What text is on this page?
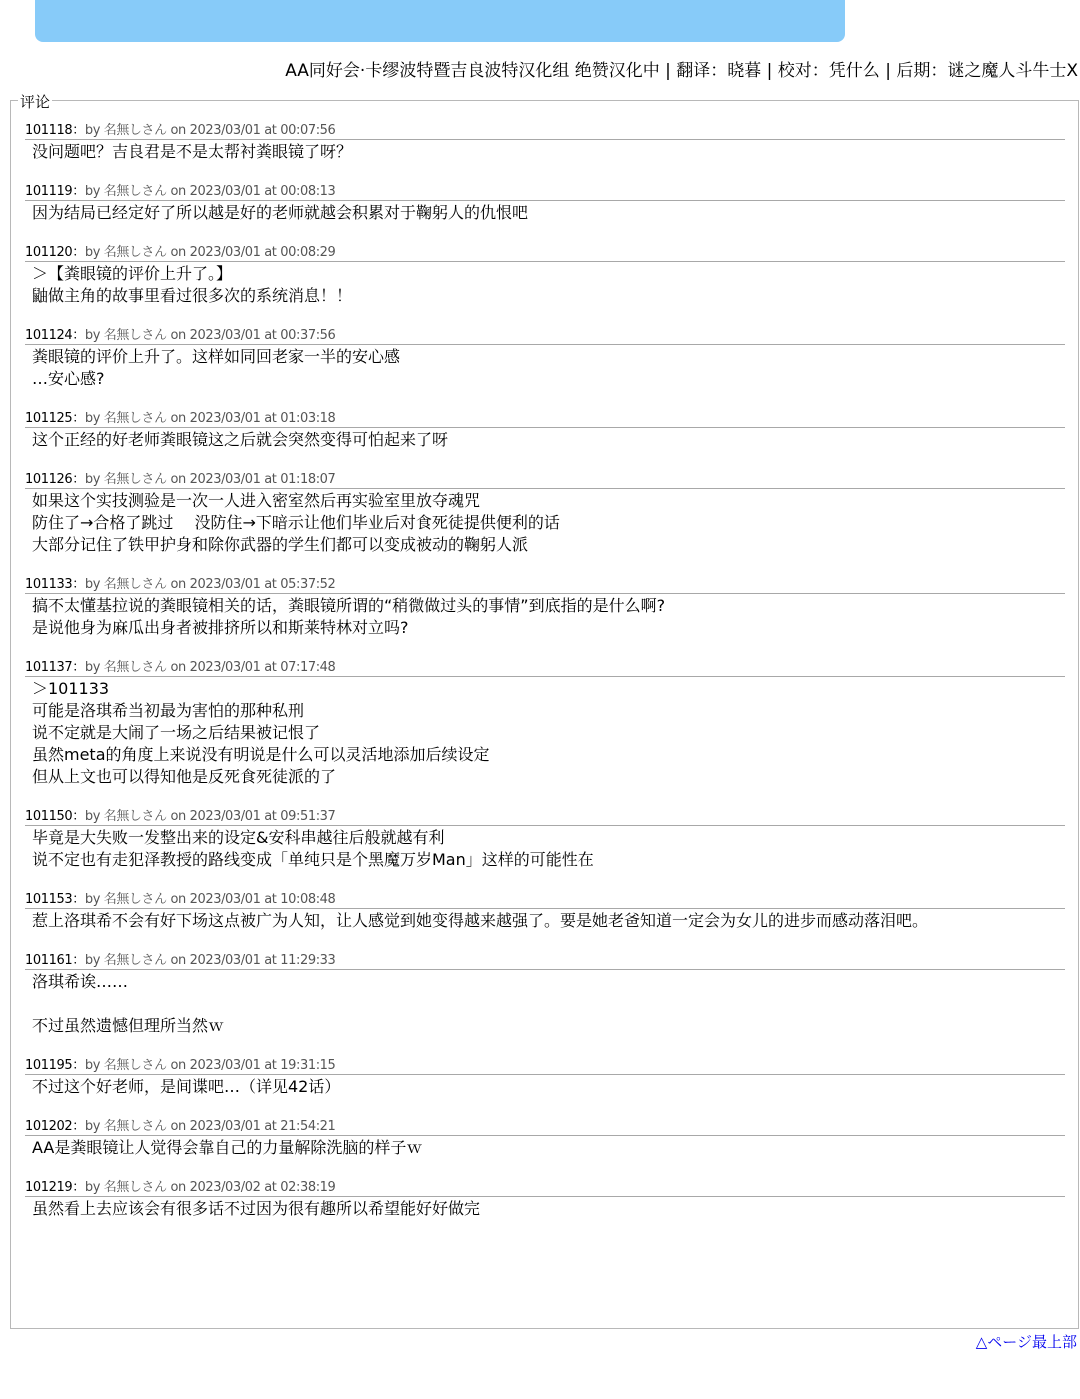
AA同好会·卡缪波特暨吉良波特汉化组 绝赞汉化中 | 翻译：晓暮 | 校对：凭什么 | 后期：谜之魔人斗牛士X
101118：by 名無しさん on 2023/03/01 at 00:07:56
没问题吧？吉良君是不是太帮衬粪眼镜了呀？
101119：by 名無しさん on 2023/03/01 at 00:08:13
因为结局已经定好了所以越是好的老师就越会积累对于鞠躬人的仇恨吧
101120：by 名無しさん on 2023/03/01 at 00:08:29
＞【粪眼镜的评价上升了。】
鼬做主角的故事里看过很多次的系统消息！！
101124：by 名無しさん on 2023/03/01 at 00:37:56
粪眼镜的评价上升了。这样如同回老家一半的安心感
…安心感?
101125：by 名無しさん on 2023/03/01 at 01:03:18
这个正经的好老师粪眼镜这之后就会突然变得可怕起来了呀
101126：by 名無しさん on 2023/03/01 at 01:18:07
如果这个实技测验是一次一人进入密室然后再实验室里放夺魂咒
防住了→合格了跳过　 没防住→下暗示让他们毕业后对食死徒提供便利的话
大部分记住了铁甲护身和除你武器的学生们都可以变成被动的鞠躬人派
101133：by 名無しさん on 2023/03/01 at 05:37:52
搞不太懂基拉说的粪眼镜相关的话，粪眼镜所谓的“稍微做过头的事情”到底指的是什么啊?
是说他身为麻瓜出身者被排挤所以和斯莱特林对立吗?
101137：by 名無しさん on 2023/03/01 at 07:17:48
＞101133
可能是洛琪希当初最为害怕的那种私刑
说不定就是大闹了一场之后结果被记恨了
虽然meta的角度上来说没有明说是什么可以灵活地添加后续设定
但从上文也可以得知他是反死食死徒派的了
101150：by 名無しさん on 2023/03/01 at 09:51:37
毕竟是大失败一发整出来的设定&安科串越往后般就越有利
说不定也有走犯泽教授的路线变成「单纯只是个黑魔万岁Man」这样的可能性在
101153：by 名無しさん on 2023/03/01 at 10:08:48
惹上洛琪希不会有好下场这点被广为人知，让人感觉到她变得越来越强了。要是她老爸知道一定会为女儿的进步而感动落泪吧。
101161：by 名無しさん on 2023/03/01 at 11:29:33
洛琪希诶……
不过虽然遗憾但理所当然ｗ
101195：by 名無しさん on 2023/03/01 at 19:31:15
不过这个好老师，是间谍吧…（详见42话）
101202：by 名無しさん on 2023/03/01 at 21:54:21
AA是粪眼镜让人觉得会靠自己的力量解除洗脑的样子ｗ
101219：by 名無しさん on 2023/03/02 at 02:38:19
虽然看上去应该会有很多话不过因为很有趣所以希望能好好做完
评论
△ページ最上部
